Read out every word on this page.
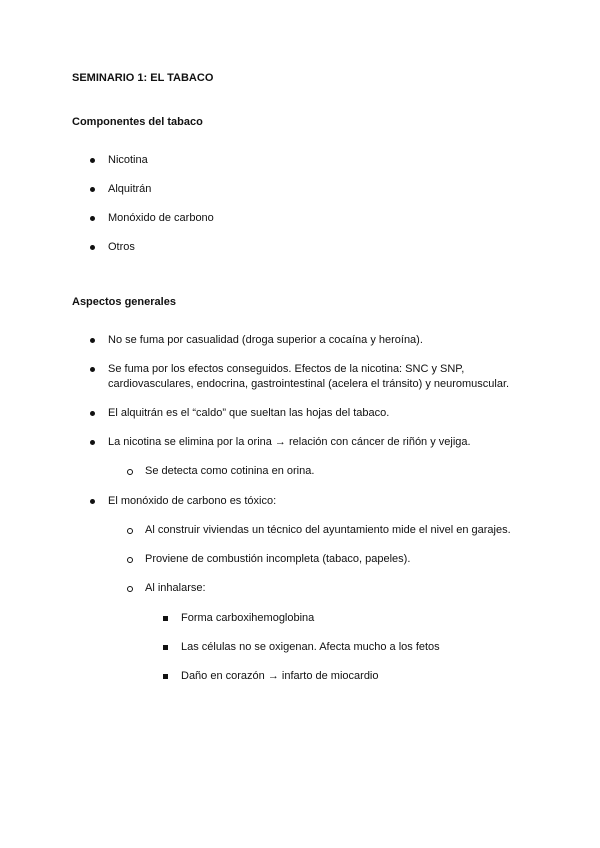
SEMINARIO 1: EL TABACO
Componentes del tabaco
Nicotina
Alquitrán
Monóxido de carbono
Otros
Aspectos generales
No se fuma por casualidad (droga superior a cocaína y heroína).
Se fuma por los efectos conseguidos. Efectos de la nicotina: SNC y SNP,
cardiovasculares, endocrina, gastrointestinal (acelera el tránsito) y neuromuscular.
El alquitrán es el “caldo” que sueltan las hojas del tabaco.
La nicotina se elimina por la orina → relación con cáncer de riñón y vejiga.
Se detecta como cotinina en orina.
El monóxido de carbono es tóxico:
Al construir viviendas un técnico del ayuntamiento mide el nivel en garajes.
Proviene de combustión incompleta (tabaco, papeles).
Al inhalarse:
Forma carboxihemoglobina
Las células no se oxigenan. Afecta mucho a los fetos
Daño en corazón → infarto de miocardio
